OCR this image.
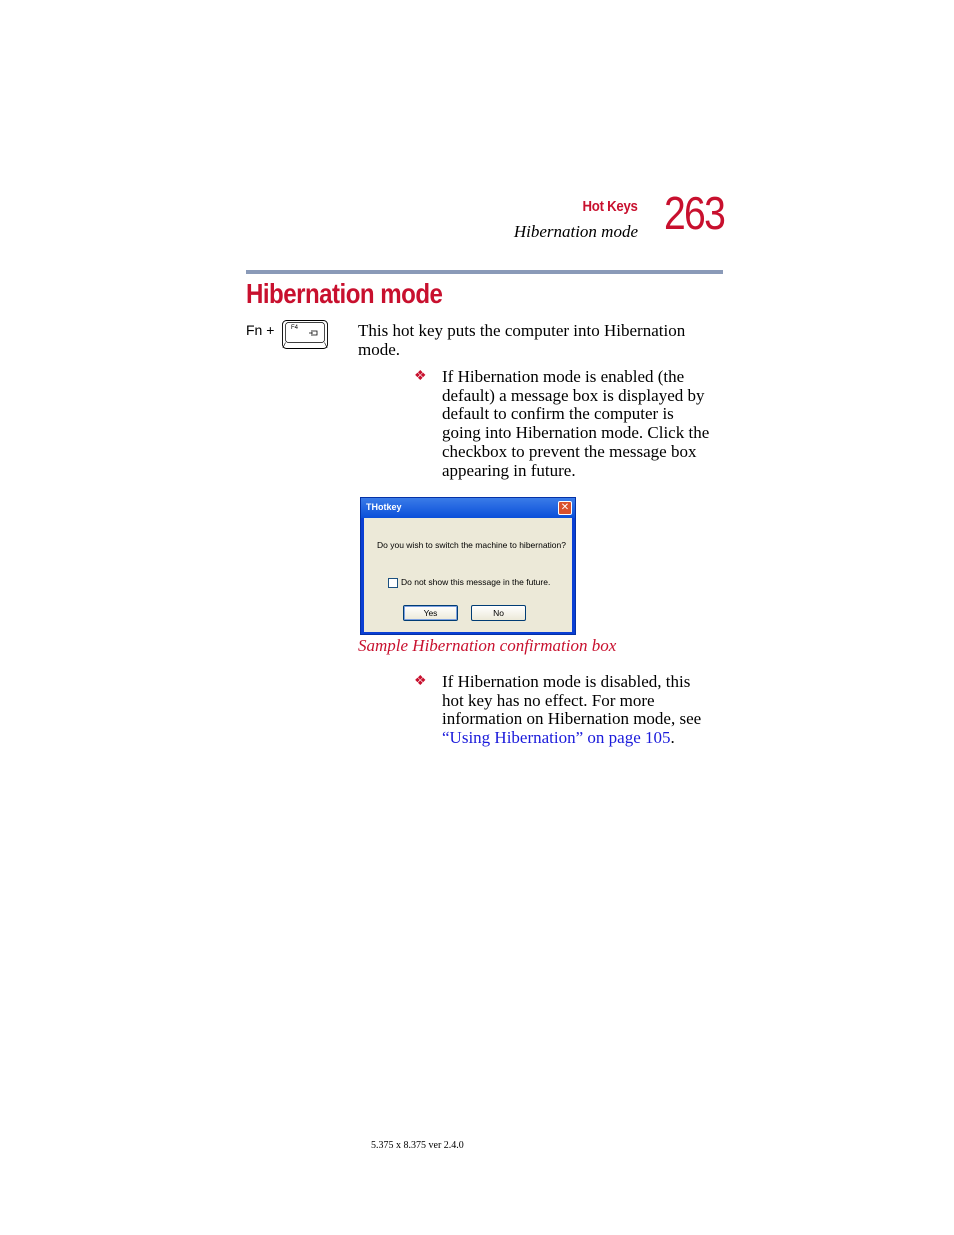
Hot Keys
Hibernation mode 263
Hibernation mode
Fn +	F4	This hot key puts the computer into Hibernation mode.
❖ If Hibernation mode is enabled (the default) a message box is displayed by default to confirm the computer is going into Hibernation mode. Click the checkbox to prevent the message box appearing in future.
THotkey	✕
Do you wish to switch the machine to hibernation?
Do not show this message in the future.
Yes	No
Sample Hibernation confirmation box
❖ If Hibernation mode is disabled, this hot key has no effect. For more information on Hibernation mode, see “Using Hibernation” on page 105.
5.375 x 8.375 ver 2.4.0
